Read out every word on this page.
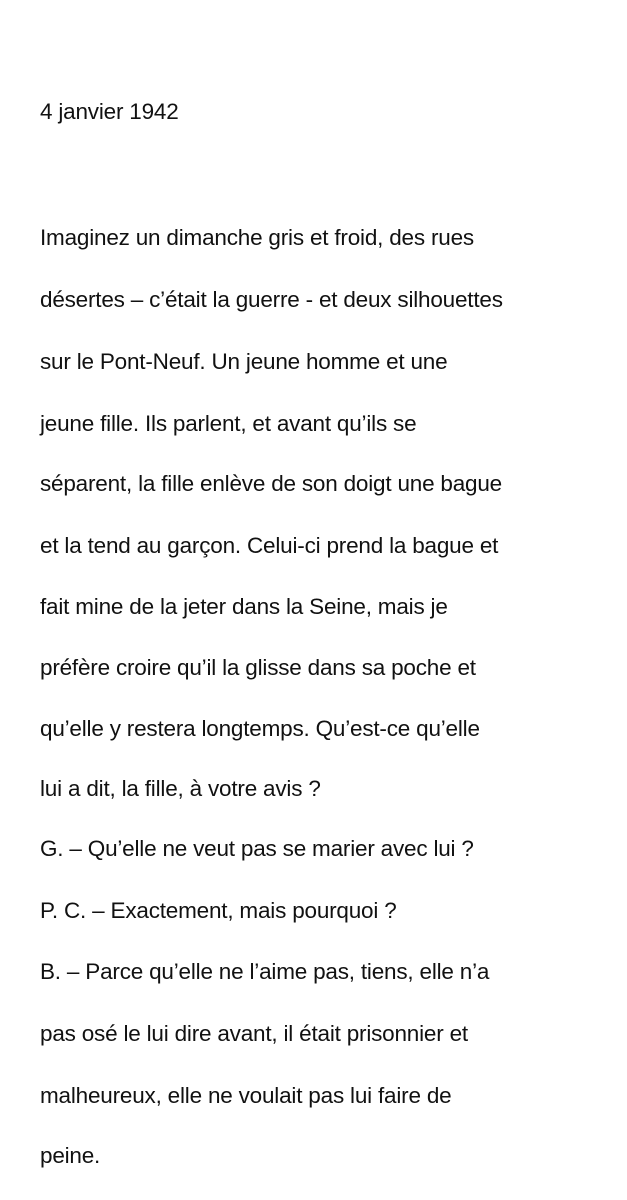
4 janvier 1942
Imaginez un dimanche gris et froid, des rues
désertes – c’était la guerre - et deux silhouettes
sur le Pont-Neuf. Un jeune homme et une
jeune fille. Ils parlent, et avant qu’ils se
séparent, la fille enlève de son doigt une bague
et la tend au garçon. Celui-ci prend la bague et
fait mine de la jeter dans la Seine, mais je
préfère croire qu’il la glisse dans sa poche et
qu’elle y restera longtemps. Qu’est-ce qu’elle
lui a dit, la fille, à votre avis ?
G. – Qu’elle ne veut pas se marier avec lui ?
P. C. – Exactement, mais pourquoi ?
B. – Parce qu’elle ne l’aime pas, tiens, elle n’a
pas osé le lui dire avant, il était prisonnier et
malheureux, elle ne voulait pas lui faire de
peine.
